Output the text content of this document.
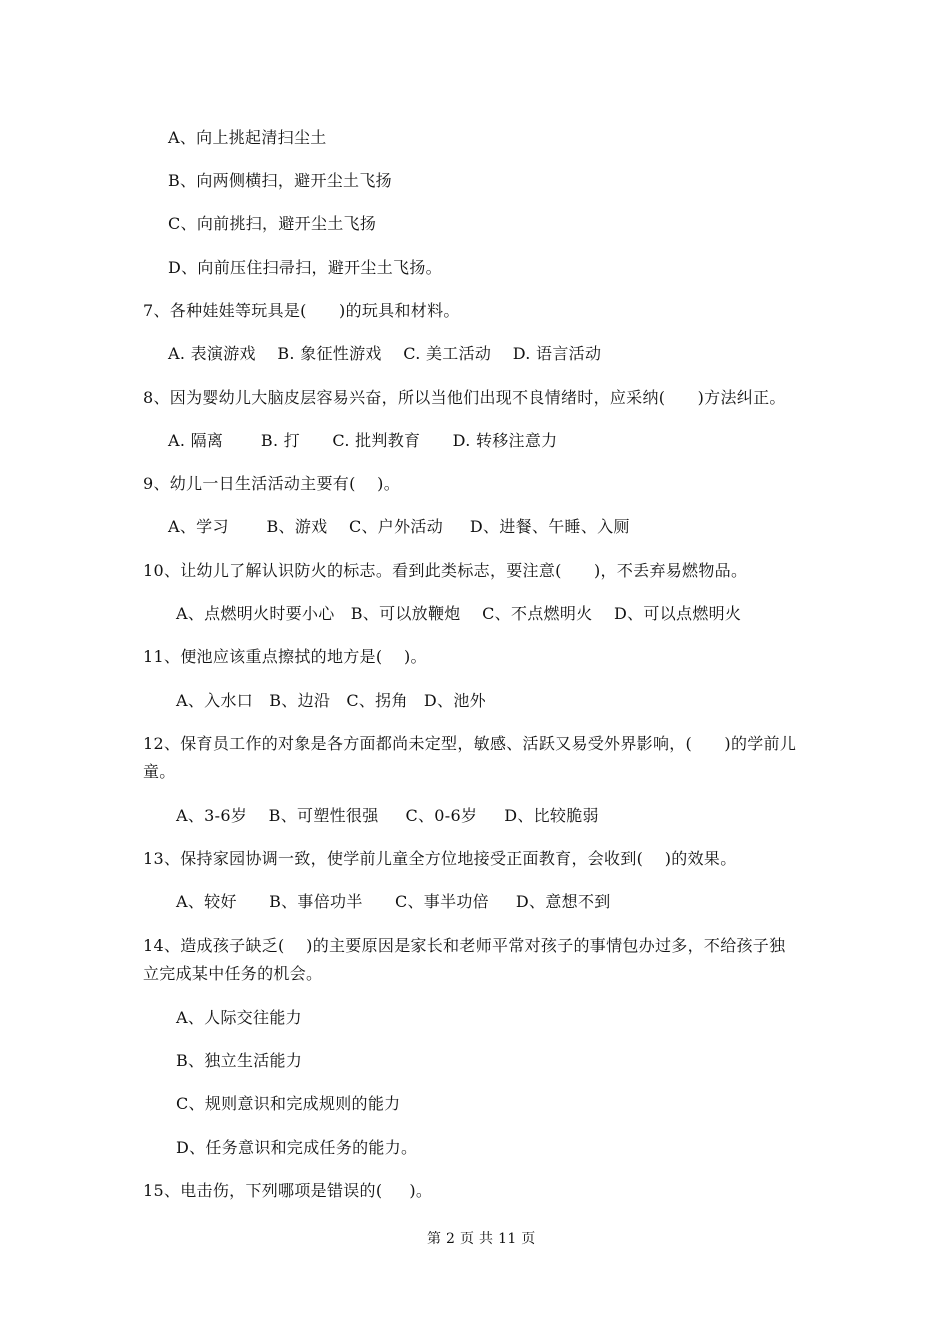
A、向上挑起清扫尘土
B、向两侧横扫，避开尘土飞扬
C、向前挑扫，避开尘土飞扬
D、向前压住扫帚扫，避开尘土飞扬。
7、各种娃娃等玩具是(      )的玩具和材料。
A. 表演游戏    B. 象征性游戏    C. 美工活动    D. 语言活动
8、因为婴幼儿大脑皮层容易兴奋，所以当他们出现不良情绪时，应采纳(      )方法纠正。
A. 隔离       B. 打      C. 批判教育      D. 转移注意力
9、幼儿一日生活活动主要有(    )。
A、学习       B、游戏    C、户外活动     D、进餐、午睡、入厕
10、让幼儿了解认识防火的标志。看到此类标志，要注意(      )，不丢弃易燃物品。
A、点燃明火时要小心   B、可以放鞭炮    C、不点燃明火    D、可以点燃明火
11、便池应该重点擦拭的地方是(    )。
A、入水口   B、边沿   C、拐角   D、池外
12、保育员工作的对象是各方面都尚未定型，敏感、活跃又易受外界影响，(      )的学前儿
童。
A、3-6岁    B、可塑性很强     C、0-6岁     D、比较脆弱
13、保持家园协调一致，使学前儿童全方位地接受正面教育，会收到(    )的效果。
A、较好      B、事倍功半      C、事半功倍     D、意想不到
14、造成孩子缺乏(    )的主要原因是家长和老师平常对孩子的事情包办过多，不给孩子独
立完成某中任务的机会。
A、人际交往能力
B、独立生活能力
C、规则意识和完成规则的能力
D、任务意识和完成任务的能力。
15、电击伤，下列哪项是错误的(     )。
第 2 页 共 11 页
